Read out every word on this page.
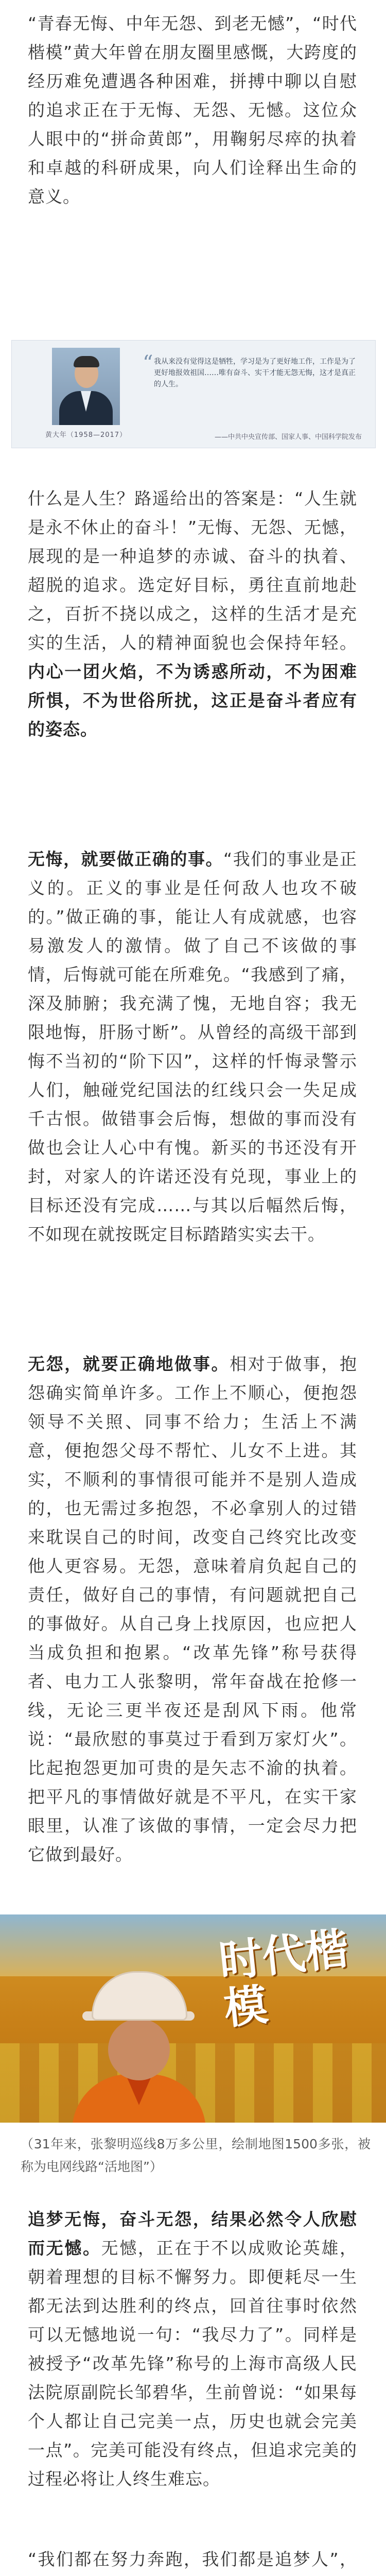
“青春无悔、中年无怨、到老无憾”，“时代楷模”黄大年曾在朋友圈里感慨，大跨度的经历难免遭遇各种困难，拼搏中聊以自慰的追求正在于无悔、无怨、无憾。这位众人眼中的“拼命黄郎”，用鞠躬尽瘁的执着和卓越的科研成果，向人们诠释出生命的意义。

黄大年（1958—2017）
“ 我从来没有觉得这是牺牲，学习是为了更好地工作，工作是为了更好地报效祖国……唯有奋斗、实干才能无怨无悔，这才是真正的人生。
——中共中央宣传部、国家人事、中国科学院发布

什么是人生？路遥给出的答案是：“人生就是永不休止的奋斗！”无悔、无怨、无憾，展现的是一种追梦的赤诚、奋斗的执着、超脱的追求。选定好目标，勇往直前地赴之，百折不挠以成之，这样的生活才是充实的生活，人的精神面貌也会保持年轻。内心一团火焰，不为诱惑所动，不为困难所惧，不为世俗所扰，这正是奋斗者应有的姿态。

无悔，就要做正确的事。“我们的事业是正义的。正义的事业是任何敌人也攻不破的。”做正确的事，能让人有成就感，也容易激发人的激情。做了自己不该做的事情，后悔就可能在所难免。“我感到了痛，深及肺腑；我充满了愧，无地自容；我无限地悔，肝肠寸断”。从曾经的高级干部到悔不当初的“阶下囚”，这样的忏悔录警示人们，触碰党纪国法的红线只会一失足成千古恨。做错事会后悔，想做的事而没有做也会让人心中有愧。新买的书还没有开封，对家人的许诺还没有兑现，事业上的目标还没有完成……与其以后幅然后悔，不如现在就按既定目标踏踏实实去干。

无怨，就要正确地做事。相对于做事，抱怨确实简单许多。工作上不顺心，便抱怨领导不关照、同事不给力；生活上不满意，便抱怨父母不帮忙、儿女不上进。其实，不顺利的事情很可能并不是别人造成的，也无需过多抱怨，不必拿别人的过错来耽误自己的时间，改变自己终究比改变他人更容易。无怨，意味着肩负起自己的责任，做好自己的事情，有问题就把自己的事做好。从自己身上找原因，也应把人当成负担和抱累。“改革先锋”称号获得者、电力工人张黎明，常年奋战在抢修一线，无论三更半夜还是刮风下雨。他常说：“最欣慰的事莫过于看到万家灯火”。比起抱怨更加可贵的是矢志不渝的执着。把平凡的事情做好就是不平凡，在实干家眼里，认准了该做的事情，一定会尽力把它做到最好。

时代楷模
（31年来，张黎明巡线8万多公里，绘制地图1500多张，被称为电网线路“活地图”）

追梦无悔，奋斗无怨，结果必然令人欣慰而无憾。无憾，正在于不以成败论英雄，朝着理想的目标不懈努力。即便耗尽一生都无法到达胜利的终点，回首往事时依然可以无憾地说一句：“我尽力了”。同样是被授予“改革先锋”称号的上海市高级人民法院原副院长邹碧华，生前曾说：“如果每个人都让自己完美一点，历史也就会完美一点”。完美可能没有终点，但追求完美的过程必将让人终生难忘。

“我们都在努力奔跑，我们都是追梦人”，
